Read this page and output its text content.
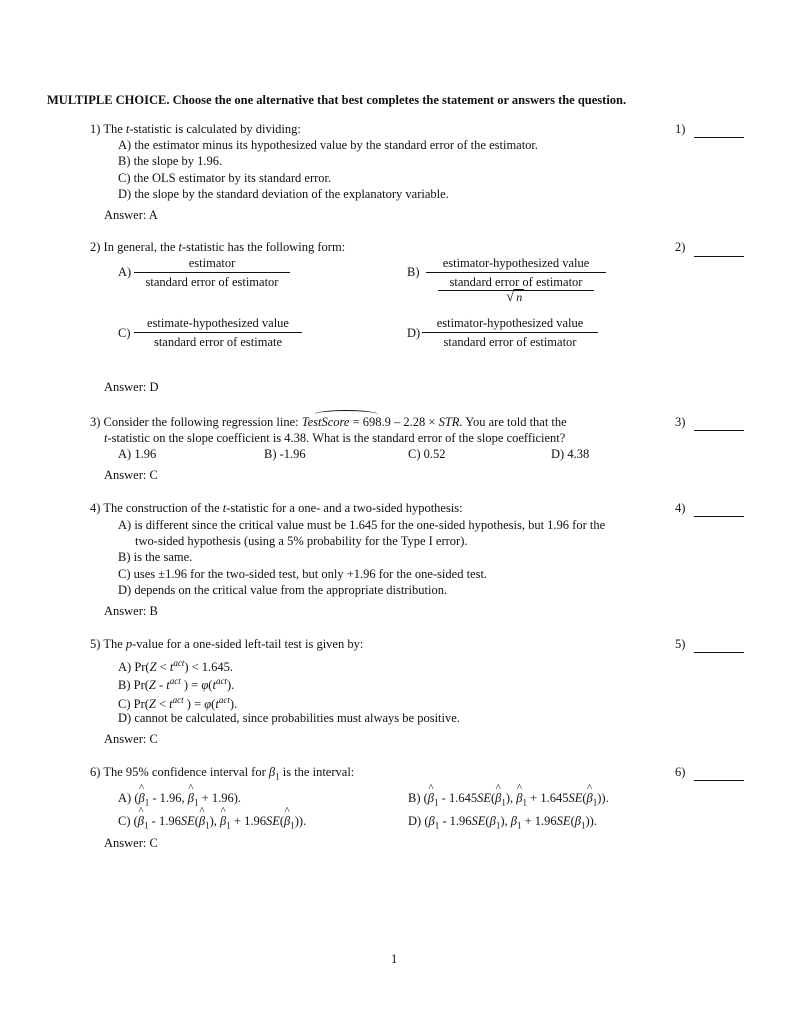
MULTIPLE CHOICE. Choose the one alternative that best completes the statement or answers the question.
1) The t-statistic is calculated by dividing:
A) the estimator minus its hypothesized value by the standard error of the estimator.
B) the slope by 1.96.
C) the OLS estimator by its standard error.
D) the slope by the standard deviation of the explanatory variable.
Answer: A
1)
2) In general, the t-statistic has the following form:	2)
A)
estimator
standard error of estimator
B)
estimator-hypothesized value
standard error of estimator
√ n
C)
estimate-hypothesized value
standard error of estimate
D)
estimator-hypothesized value
standard error of estimator
Answer: D
3) Consider the following regression line: TestScore = 698.9 – 2.28 × STR. You are told that the
t-statistic on the slope coefficient is 4.38. What is the standard error of the slope coefficient?
A) 1.96	B) -1.96	C) 0.52	D) 4.38
Answer: C
3)
4) The construction of the t-statistic for a one- and a two-sided hypothesis:
A) is different since the critical value must be 1.645 for the one-sided hypothesis, but 1.96 for the
two-sided hypothesis (using a 5% probability for the Type I error).
B) is the same.
C) uses ±1.96 for the two-sided test, but only +1.96 for the one-sided test.
D) depends on the critical value from the appropriate distribution.
Answer: B
4)
5) The p-value for a one-sided left-tail test is given by:
A) $Pr(Z < t^{act}) < 1.645$.
B) $Pr(Z - t^{act}$ ) = $\varphi(t^{act})$.
C) $Pr(Z < t^{act}$ ) = $\varphi(t^{act})$.
D) cannot be calculated, since probabilities must always be positive.
Answer: C
5)
6) The 95% confidence interval for $\beta_1$ is the interval:
A) (^ $\beta_1 - 1.96$, ^ $\beta_1 + 1.96$).	B) (^ $\beta_1$ - 1.645SE(^ $\beta_1$), ^ $\beta_1$ + 1.645SE(^ $\beta_1$)).
C) (^ $\beta_1$ - 1.96SE(^ $\beta_1$), ^ $\beta_1$ + 1.96SE(^ $\beta_1$)).	D) ($\beta_1 - 1.96SE(\beta_1)$, $\beta_1 + 1.96SE(\beta_1)$).
Answer: C
6)
1
